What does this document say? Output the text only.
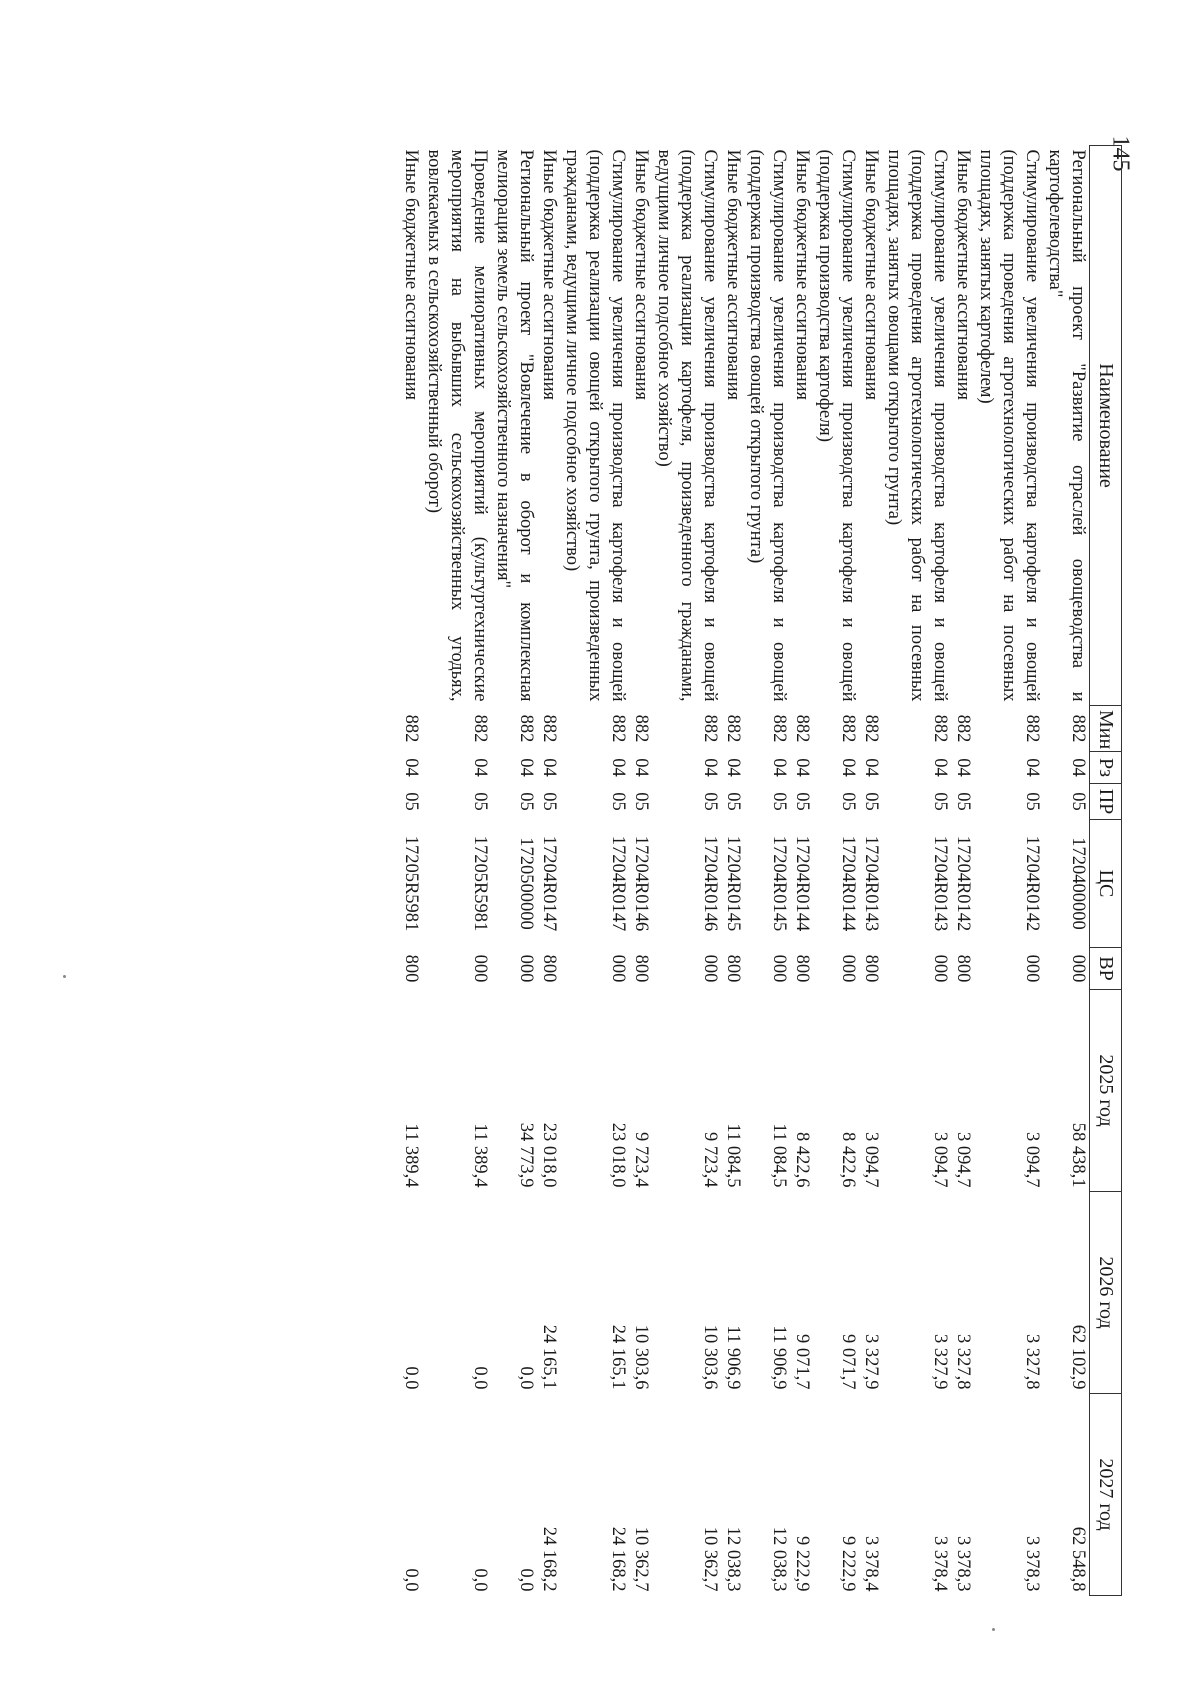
145
Наименование	Мин	Рз	ПР	ЦС	ВР	2025 год	2026 год	2027 год
Региональный проект "Развитие отраслей овощеводства и картофелеводства"	882	04	05	1720400000	000	58 438,1	62 102,9	62 548,8
Стимулирование увеличения производства картофеля и овощей (поддержка проведения агротехнологических работ на посевных площадях, занятых картофелем)	882	04	05	17204R0142	000	3 094,7	3 327,8	3 378,3
Иные бюджетные ассигнования	882	04	05	17204R0142	800	3 094,7	3 327,8	3 378,3
Стимулирование увеличения производства картофеля и овощей (поддержка проведения агротехнологических работ на посевных площадях, занятых овощами открытого грунта)	882	04	05	17204R0143	000	3 094,7	3 327,9	3 378,4
Иные бюджетные ассигнования	882	04	05	17204R0143	800	3 094,7	3 327,9	3 378,4
Стимулирование увеличения производства картофеля и овощей (поддержка производства картофеля)	882	04	05	17204R0144	000	8 422,6	9 071,7	9 222,9
Иные бюджетные ассигнования	882	04	05	17204R0144	800	8 422,6	9 071,7	9 222,9
Стимулирование увеличения производства картофеля и овощей (поддержка производства овощей открытого грунта)	882	04	05	17204R0145	000	11 084,5	11 906,9	12 038,3
Иные бюджетные ассигнования	882	04	05	17204R0145	800	11 084,5	11 906,9	12 038,3
Стимулирование увеличения производства картофеля и овощей (поддержка реализации картофеля, произведенного гражданами, ведущими личное подсобное хозяйство)	882	04	05	17204R0146	000	9 723,4	10 303,6	10 362,7
Иные бюджетные ассигнования	882	04	05	17204R0146	800	9 723,4	10 303,6	10 362,7
Стимулирование увеличения производства картофеля и овощей (поддержка реализации овощей открытого грунта, произведенных гражданами, ведущими личное подсобное хозяйство)	882	04	05	17204R0147	000	23 018,0	24 165,1	24 168,2
Иные бюджетные ассигнования	882	04	05	17204R0147	800	23 018,0	24 165,1	24 168,2
Региональный проект "Вовлечение в оборот и комплексная мелиорация земель сельскохозяйственного назначения"	882	04	05	1720500000	000	34 773,9	0,0	0,0
Проведение мелиоративных мероприятий (культуртехнические мероприятия на выбывших сельскохозяйственных угодьях, вовлекаемых в сельскохозяйственный оборот)	882	04	05	17205R5981	000	11 389,4	0,0	0,0
Иные бюджетные ассигнования	882	04	05	17205R5981	800	11 389,4	0,0	0,0
